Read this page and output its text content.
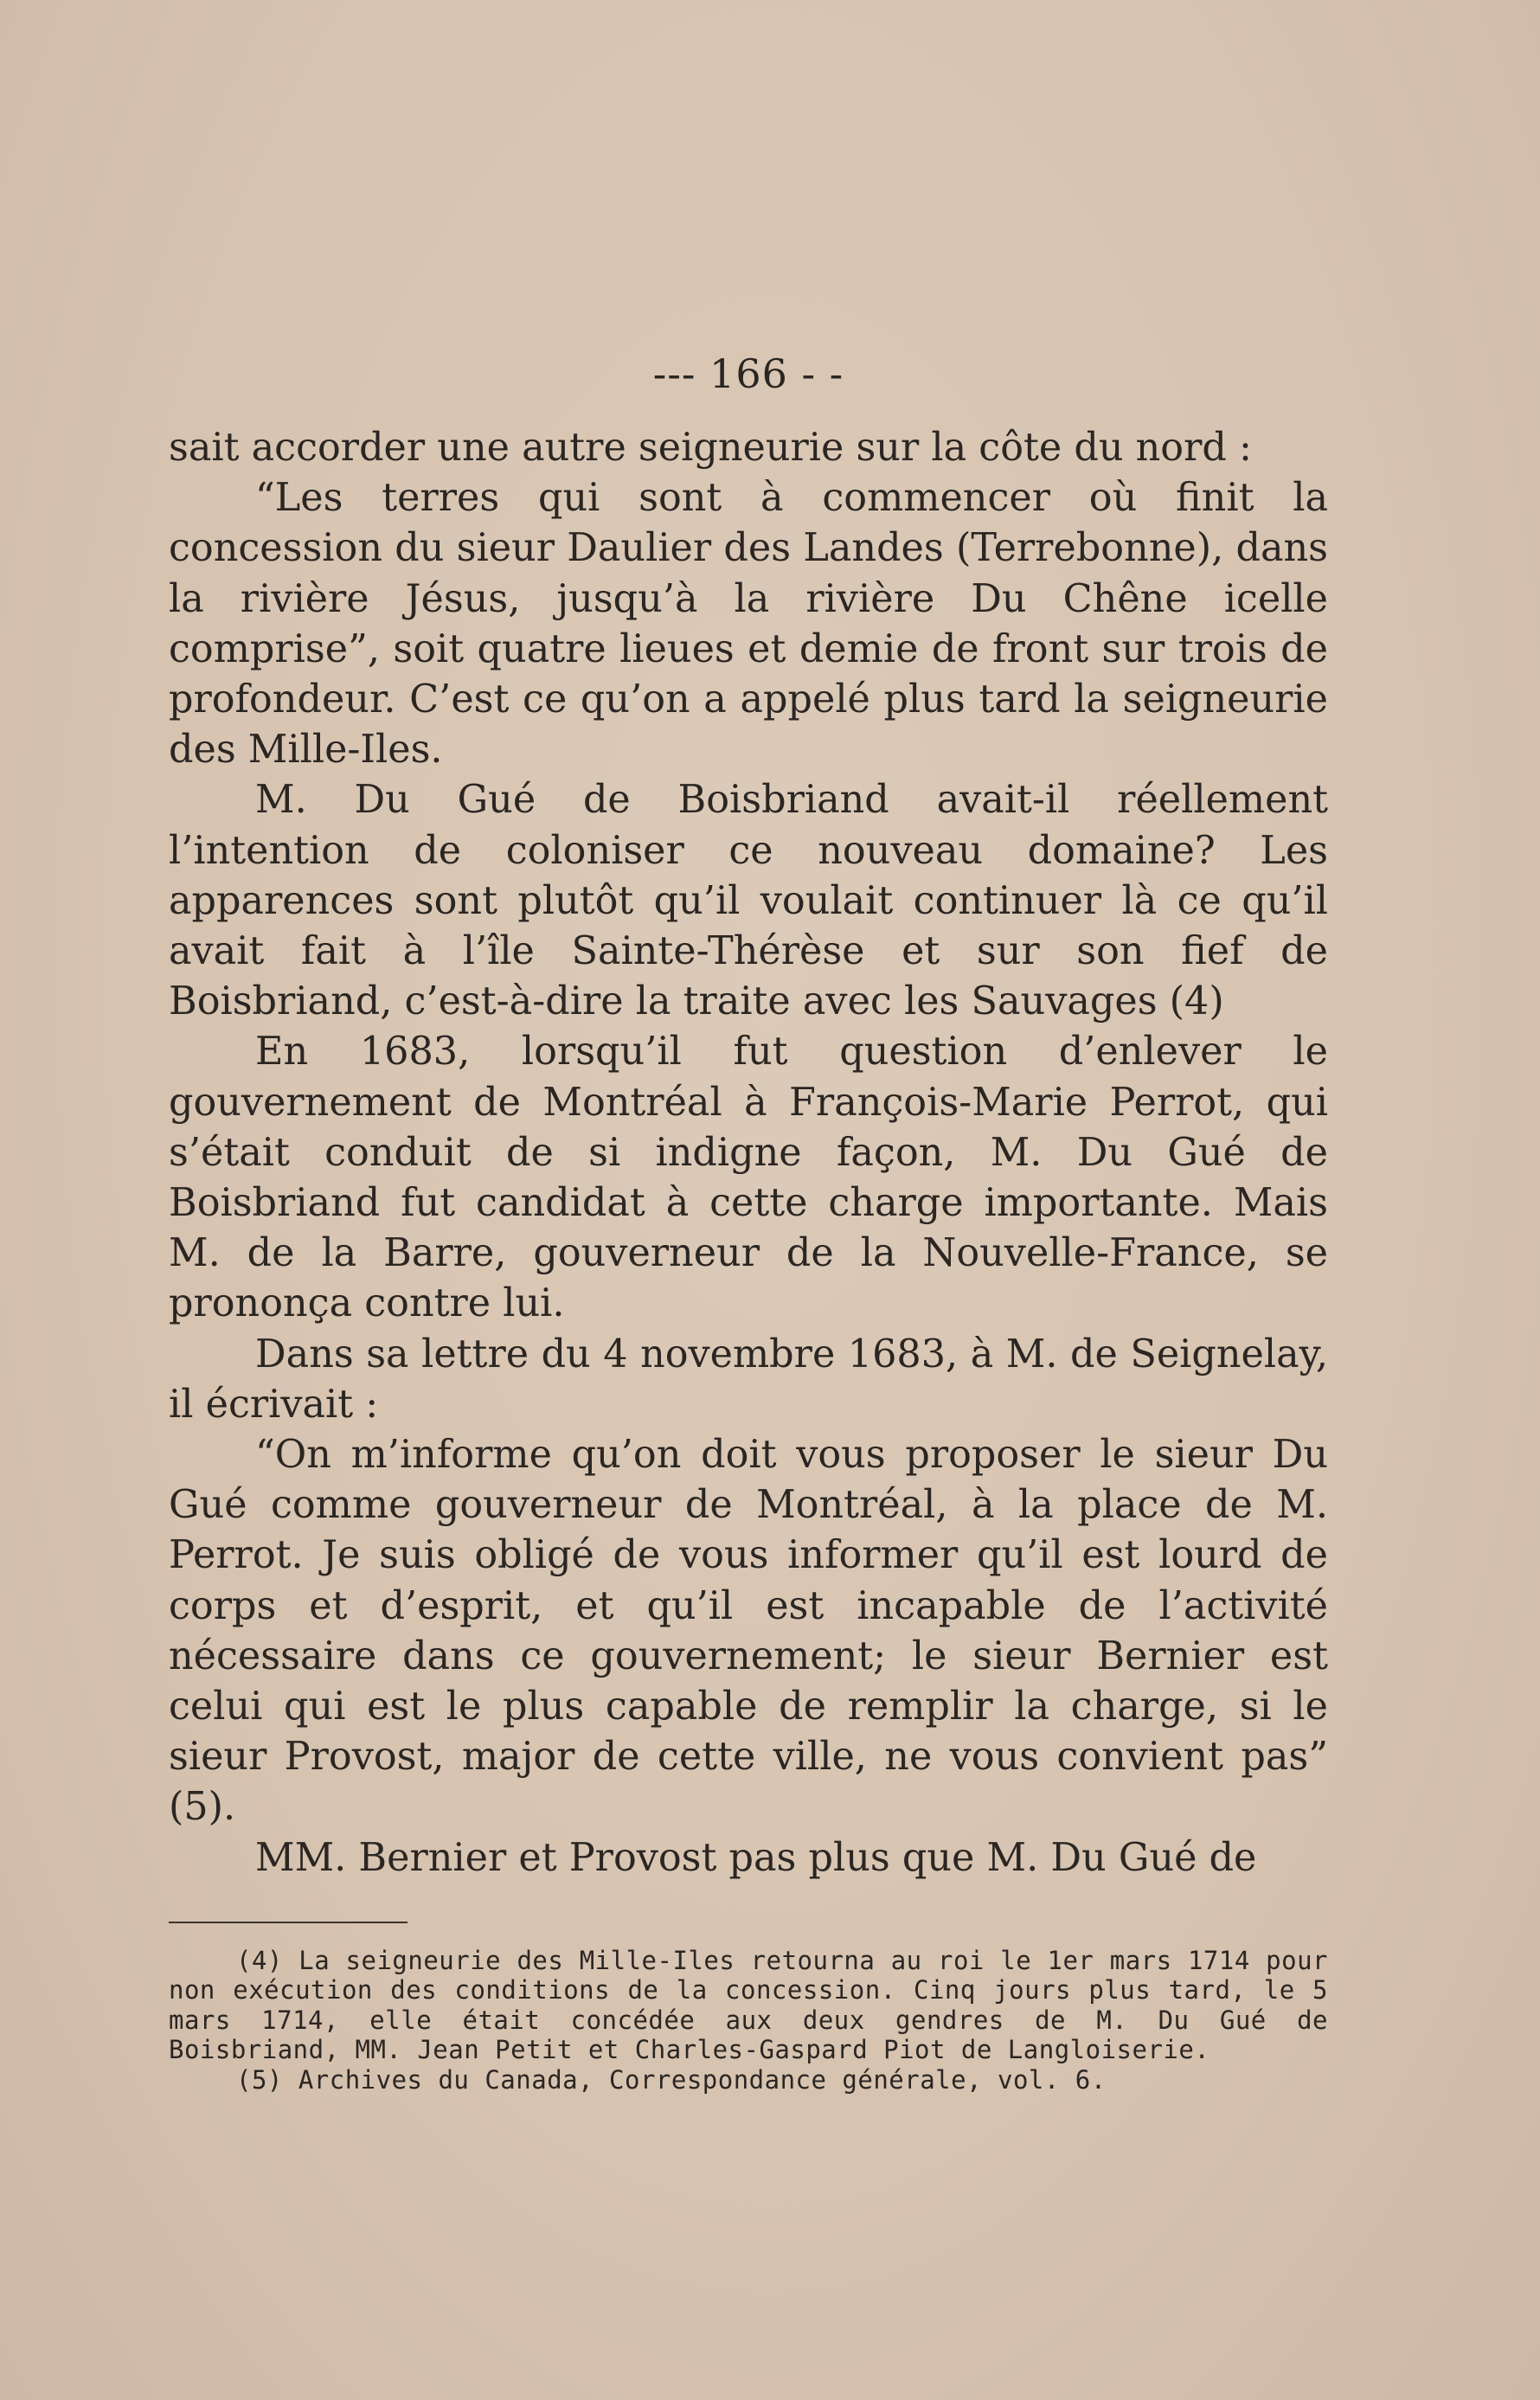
--- 166 - -

sait accorder une autre seigneurie sur la côte du nord :

“Les terres qui sont à commencer où finit la concession du sieur Daulier des Landes (Terrebonne), dans la rivière Jésus, jusqu’à la rivière Du Chêne icelle comprise”, soit quatre lieues et demie de front sur trois de profondeur. C’est ce qu’on a appelé plus tard la seigneurie des Mille-Iles.

M. Du Gué de Boisbriand avait-il réellement l’intention de coloniser ce nouveau domaine? Les apparences sont plutôt qu’il voulait continuer là ce qu’il avait fait à l’île Sainte-Thérèse et sur son fief de Boisbriand, c’est-à-dire la traite avec les Sauvages (4)

En 1683, lorsqu’il fut question d’enlever le gouvernement de Montréal à François-Marie Perrot, qui s’était conduit de si indigne façon, M. Du Gué de Boisbriand fut candidat à cette charge importante. Mais M. de la Barre, gouverneur de la Nouvelle-France, se prononça contre lui.

Dans sa lettre du 4 novembre 1683, à M. de Seignelay, il écrivait :

“On m’informe qu’on doit vous proposer le sieur Du Gué comme gouverneur de Montréal, à la place de M. Perrot. Je suis obligé de vous informer qu’il est lourd de corps et d’esprit, et qu’il est incapable de l’activité nécessaire dans ce gouvernement; le sieur Bernier est celui qui est le plus capable de remplir la charge, si le sieur Provost, major de cette ville, ne vous convient pas” (5).

MM. Bernier et Provost pas plus que M. Du Gué de

(4) La seigneurie des Mille-Iles retourna au roi le 1er mars 1714 pour non exécution des conditions de la concession. Cinq jours plus tard, le 5 mars 1714, elle était concédée aux deux gendres de M. Du Gué de Boisbriand, MM. Jean Petit et Charles-Gaspard Piot de Langloiserie.

(5) Archives du Canada, Correspondance générale, vol. 6.
